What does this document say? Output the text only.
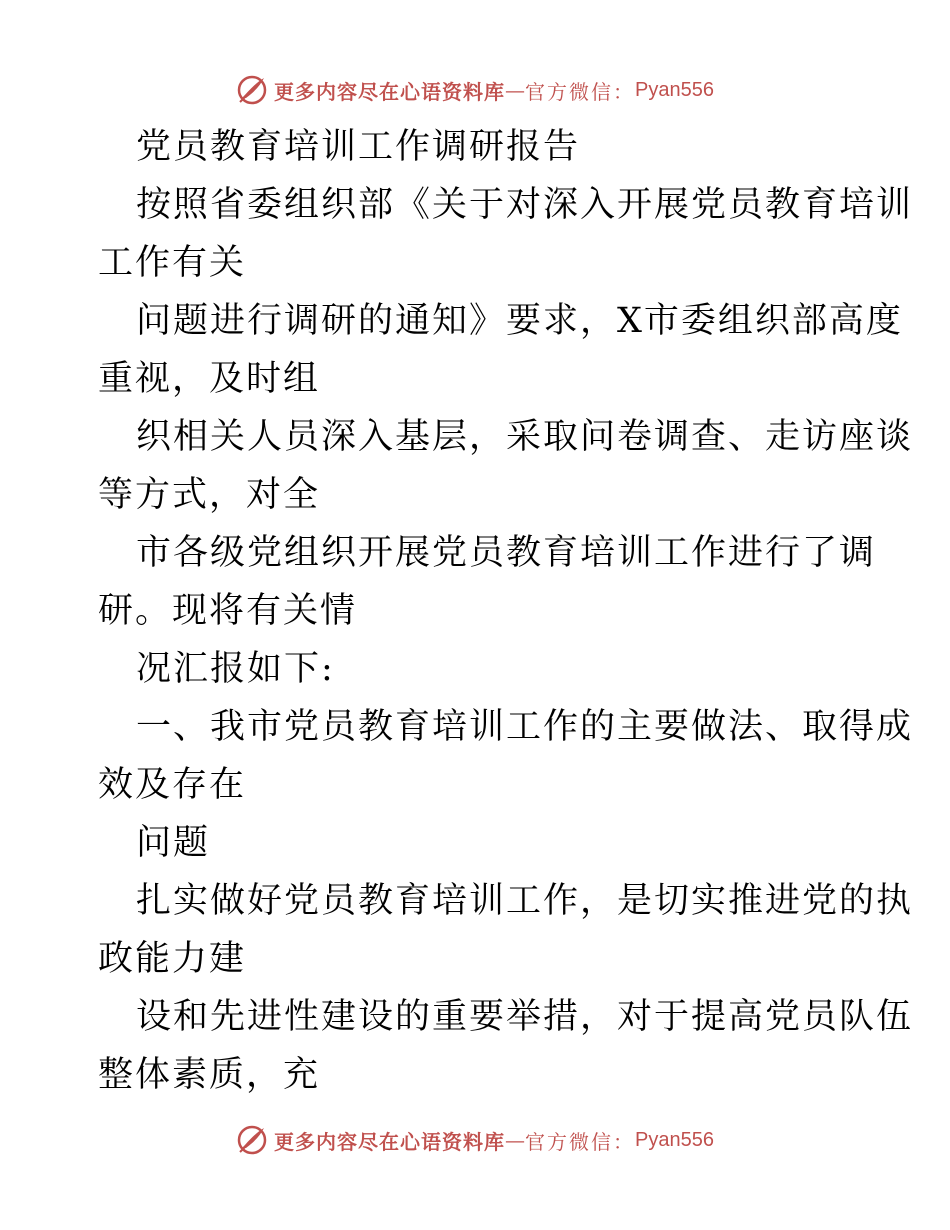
更多内容尽在心语资料库 — 官方微信： Pyan556
党员教育培训工作调研报告
按照省委组织部《关于对深入开展党员教育培训
工作有关
问题进行调研的通知》要求，X市委组织部高度
重视，及时组
织相关人员深入基层，采取问卷调查、走访座谈
等方式，对全
市各级党组织开展党员教育培训工作进行了调
研。现将有关情
况汇报如下:
一、我市党员教育培训工作的主要做法、取得成
效及存在
问题
扎实做好党员教育培训工作，是切实推进党的执
政能力建
设和先进性建设的重要举措，对于提高党员队伍
整体素质，充
更多内容尽在心语资料库 — 官方微信： Pyan556
